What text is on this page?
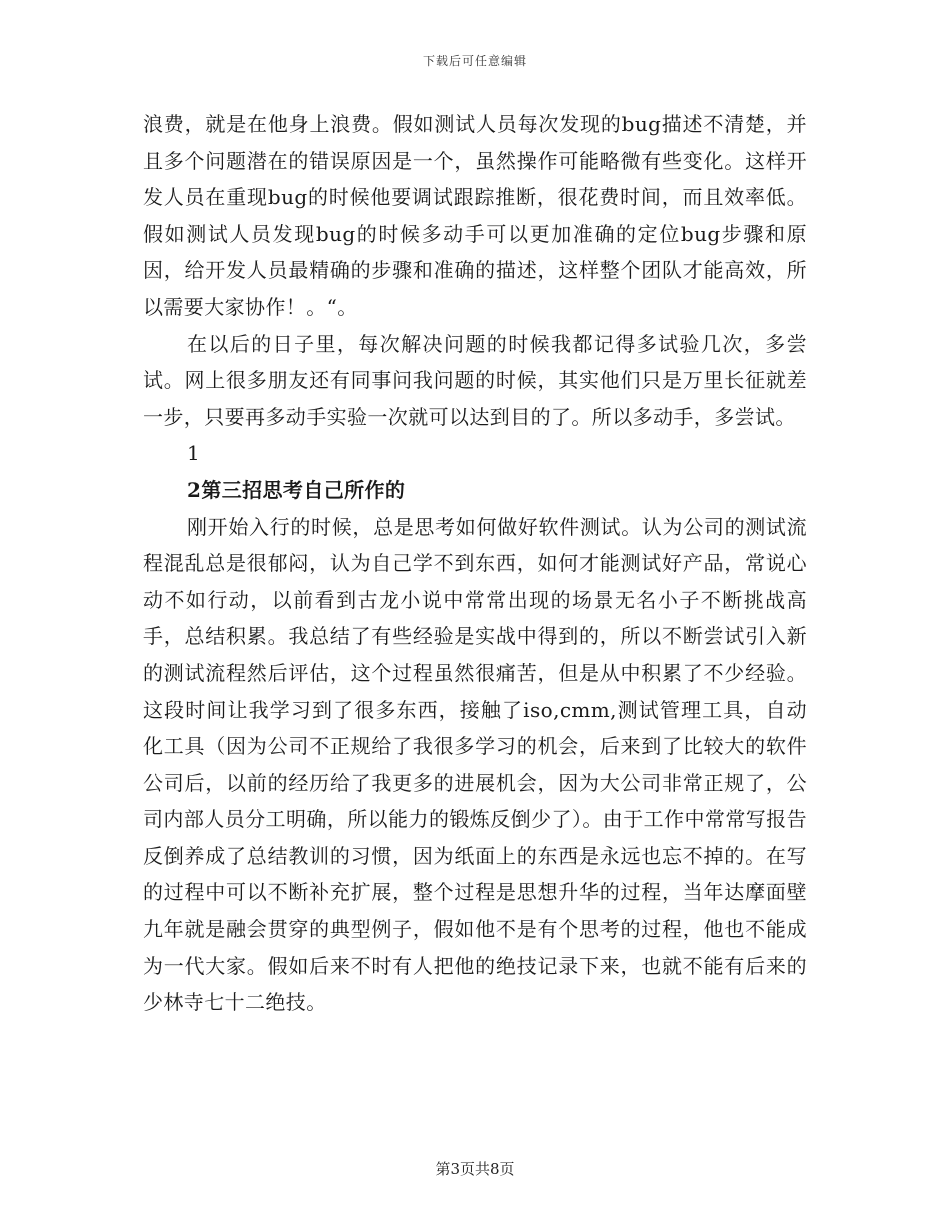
下载后可任意编辑

浪费，就是在他身上浪费。假如测试人员每次发现的bug描述不清楚，并且多个问题潜在的错误原因是一个，虽然操作可能略微有些变化。这样开发人员在重现bug的时候他要调试跟踪推断，很花费时间，而且效率低。假如测试人员发现bug的时候多动手可以更加准确的定位bug步骤和原因，给开发人员最精确的步骤和准确的描述，这样整个团队才能高效，所以需要大家协作！。“。

在以后的日子里，每次解决问题的时候我都记得多试验几次，多尝试。网上很多朋友还有同事问我问题的时候，其实他们只是万里长征就差一步，只要再多动手实验一次就可以达到目的了。所以多动手，多尝试。

1

2第三招思考自己所作的

刚开始入行的时候，总是思考如何做好软件测试。认为公司的测试流程混乱总是很郁闷，认为自己学不到东西，如何才能测试好产品，常说心动不如行动，以前看到古龙小说中常常出现的场景无名小子不断挑战高手，总结积累。我总结了有些经验是实战中得到的，所以不断尝试引入新的测试流程然后评估，这个过程虽然很痛苦，但是从中积累了不少经验。这段时间让我学习到了很多东西，接触了iso,cmm,测试管理工具，自动化工具（因为公司不正规给了我很多学习的机会，后来到了比较大的软件公司后，以前的经历给了我更多的进展机会，因为大公司非常正规了，公司内部人员分工明确，所以能力的锻炼反倒少了）。由于工作中常常写报告反倒养成了总结教训的习惯，因为纸面上的东西是永远也忘不掉的。在写的过程中可以不断补充扩展，整个过程是思想升华的过程，当年达摩面壁九年就是融会贯穿的典型例子，假如他不是有个思考的过程，他也不能成为一代大家。假如后来不时有人把他的绝技记录下来，也就不能有后来的少林寺七十二绝技。

第3页共8页
